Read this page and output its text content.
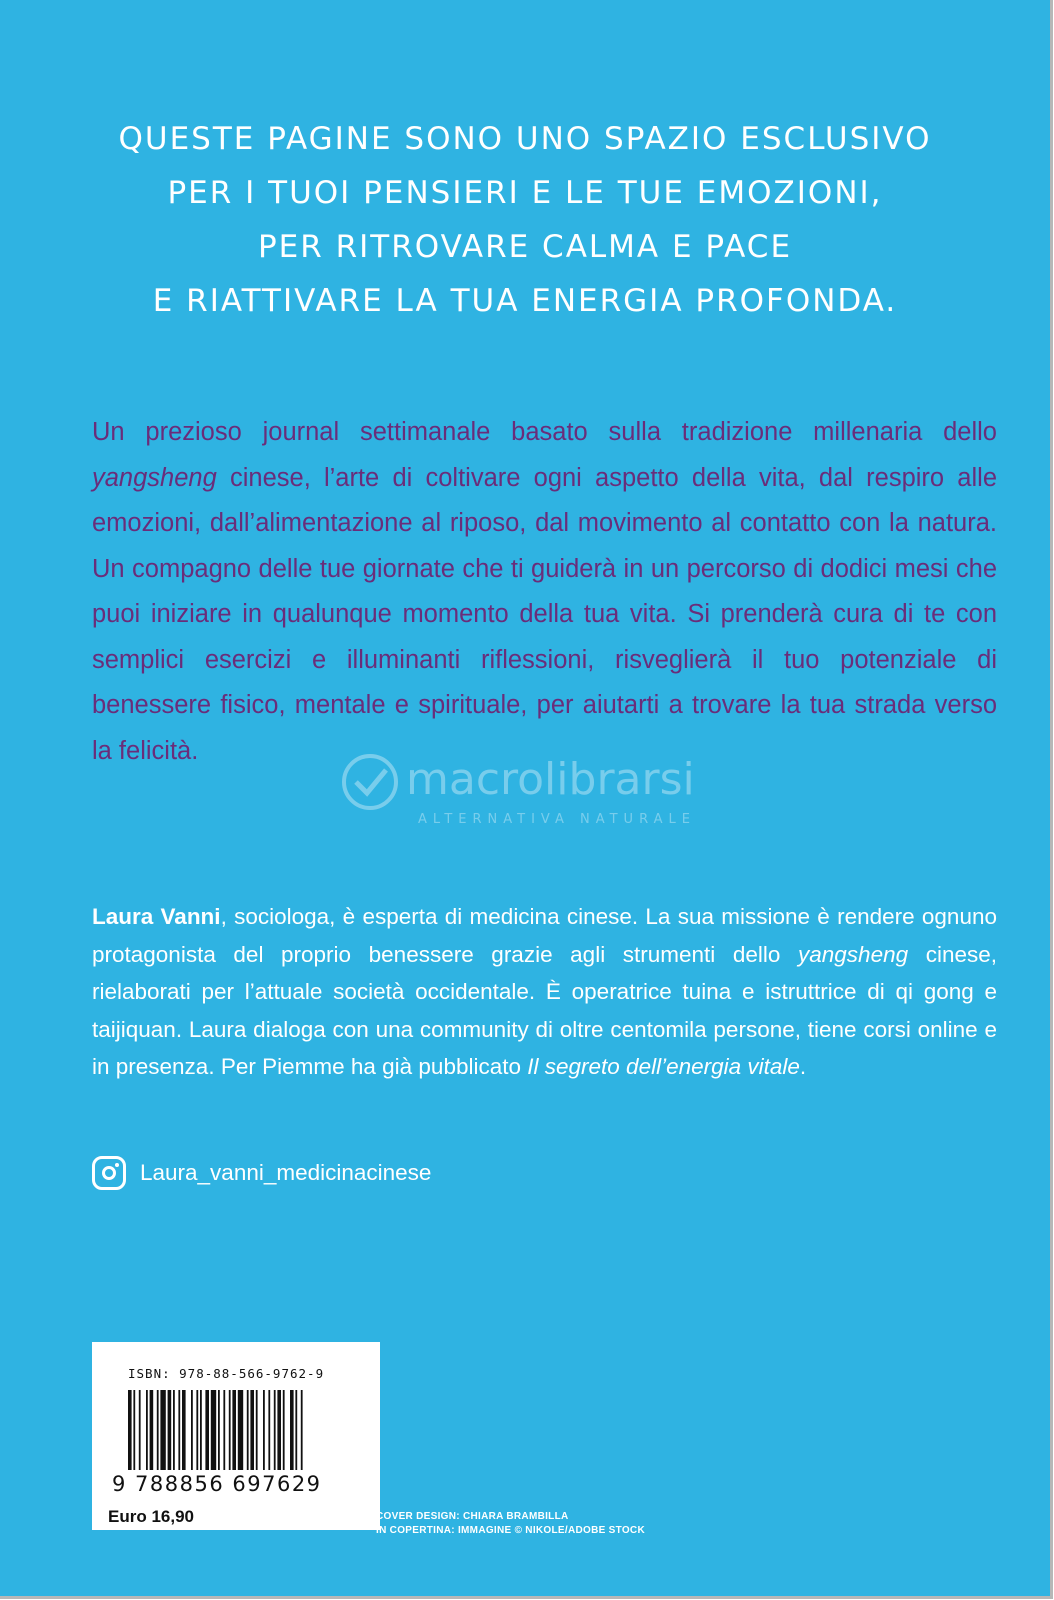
QUESTE PAGINE SONO UNO SPAZIO ESCLUSIVO
PER I TUOI PENSIERI E LE TUE EMOZIONI,
PER RITROVARE CALMA E PACE
E RIATTIVARE LA TUA ENERGIA PROFONDA.
Un prezioso journal settimanale basato sulla tradizione millenaria dello yangsheng cinese, l’arte di coltivare ogni aspetto della vita, dal respiro alle emozioni, dall’alimentazione al riposo, dal movimento al contatto con la natura. Un compagno delle tue giornate che ti guiderà in un percorso di dodici mesi che puoi iniziare in qualunque momento della tua vita. Si prenderà cura di te con semplici esercizi e illuminanti riflessioni, risveglierà il tuo potenziale di benessere fisico, mentale e spirituale, per aiutarti a trovare la tua strada verso la felicità.
macrolibrarsi
ALTERNATIVA NATURALE
Laura Vanni, sociologa, è esperta di medicina cinese. La sua missione è rendere ognuno protagonista del proprio benessere grazie agli strumenti dello yangsheng cinese, rielaborati per l’attuale società occidentale. È operatrice tuina e istruttrice di qi gong e taijiquan. Laura dialoga con una community di oltre centomila persone, tiene corsi online e in presenza. Per Piemme ha già pubblicato Il segreto dell’energia vitale.
Laura_vanni_medicinacinese
ISBN: 978-88-566-9762-9
9 788856 697629
Euro 16,90	COVER DESIGN: CHIARA BRAMBILLA
IN COPERTINA: IMMAGINE © NIKOLE/ADOBE STOCK
